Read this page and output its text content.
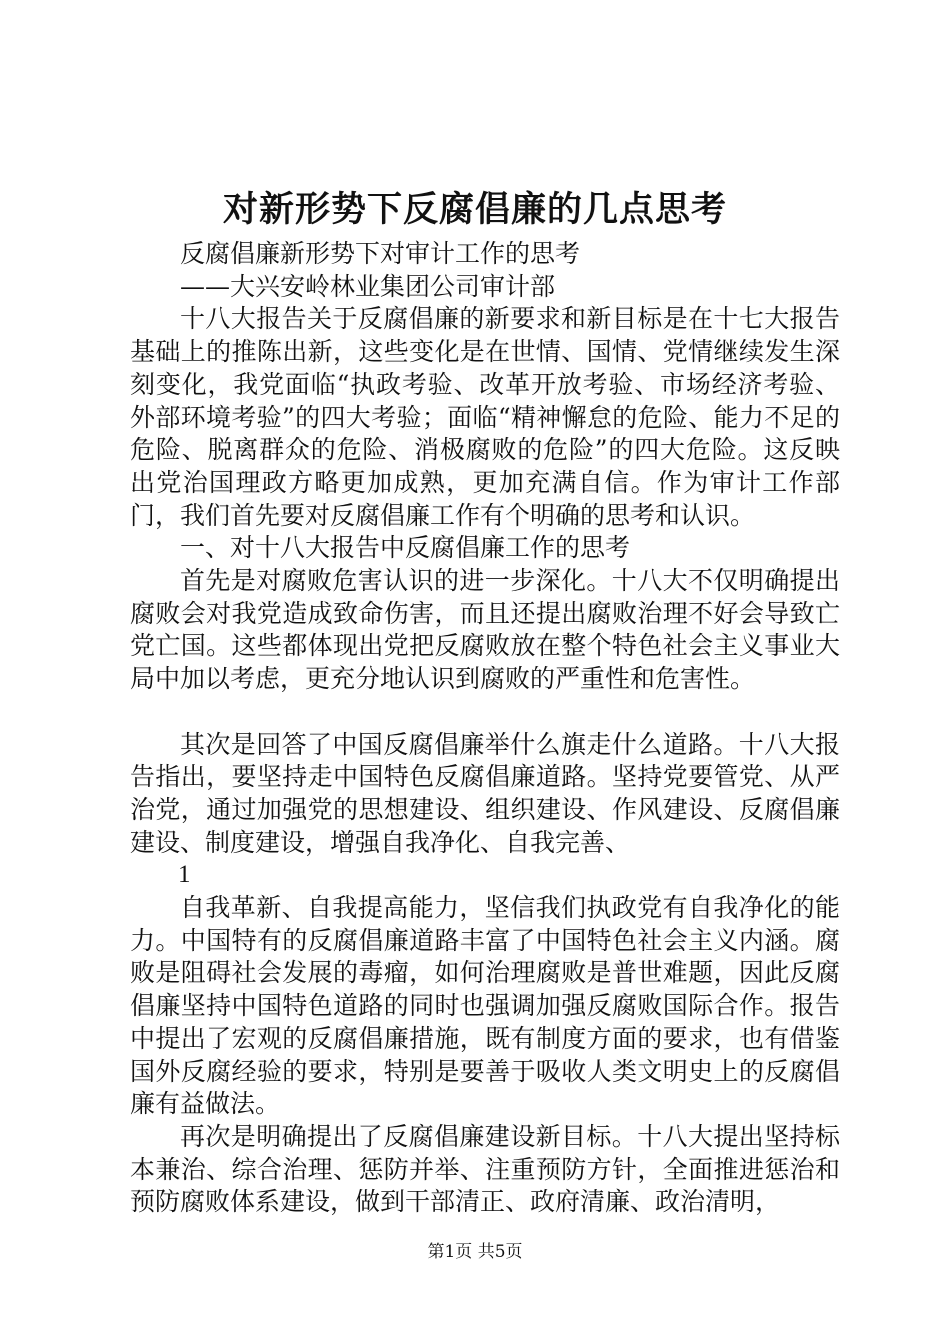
对新形势下反腐倡廉的几点思考

反腐倡廉新形势下对审计工作的思考

——大兴安岭林业集团公司审计部

十八大报告关于反腐倡廉的新要求和新目标是在十七大报告基础上的推陈出新，这些变化是在世情、国情、党情继续发生深刻变化，我党面临“执政考验、改革开放考验、市场经济考验、外部环境考验”的四大考验；面临“精神懈怠的危险、能力不足的危险、脱离群众的危险、消极腐败的危险”的四大危险。这反映出党治国理政方略更加成熟，更加充满自信。作为审计工作部门，我们首先要对反腐倡廉工作有个明确的思考和认识。

一、对十八大报告中反腐倡廉工作的思考

首先是对腐败危害认识的进一步深化。十八大不仅明确提出腐败会对我党造成致命伤害，而且还提出腐败治理不好会导致亡党亡国。这些都体现出党把反腐败放在整个特色社会主义事业大局中加以考虑，更充分地认识到腐败的严重性和危害性。

其次是回答了中国反腐倡廉举什么旗走什么道路。十八大报告指出，要坚持走中国特色反腐倡廉道路。坚持党要管党、从严治党，通过加强党的思想建设、组织建设、作风建设、反腐倡廉建设、制度建设，增强自我净化、自我完善、

1

自我革新、自我提高能力，坚信我们执政党有自我净化的能力。中国特有的反腐倡廉道路丰富了中国特色社会主义内涵。腐败是阻碍社会发展的毒瘤，如何治理腐败是普世难题，因此反腐倡廉坚持中国特色道路的同时也强调加强反腐败国际合作。报告中提出了宏观的反腐倡廉措施，既有制度方面的要求，也有借鉴国外反腐经验的要求，特别是要善于吸收人类文明史上的反腐倡廉有益做法。

再次是明确提出了反腐倡廉建设新目标。十八大提出坚持标本兼治、综合治理、惩防并举、注重预防方针，全面推进惩治和预防腐败体系建设，做到干部清正、政府清廉、政治清明，

第1页 共5页
